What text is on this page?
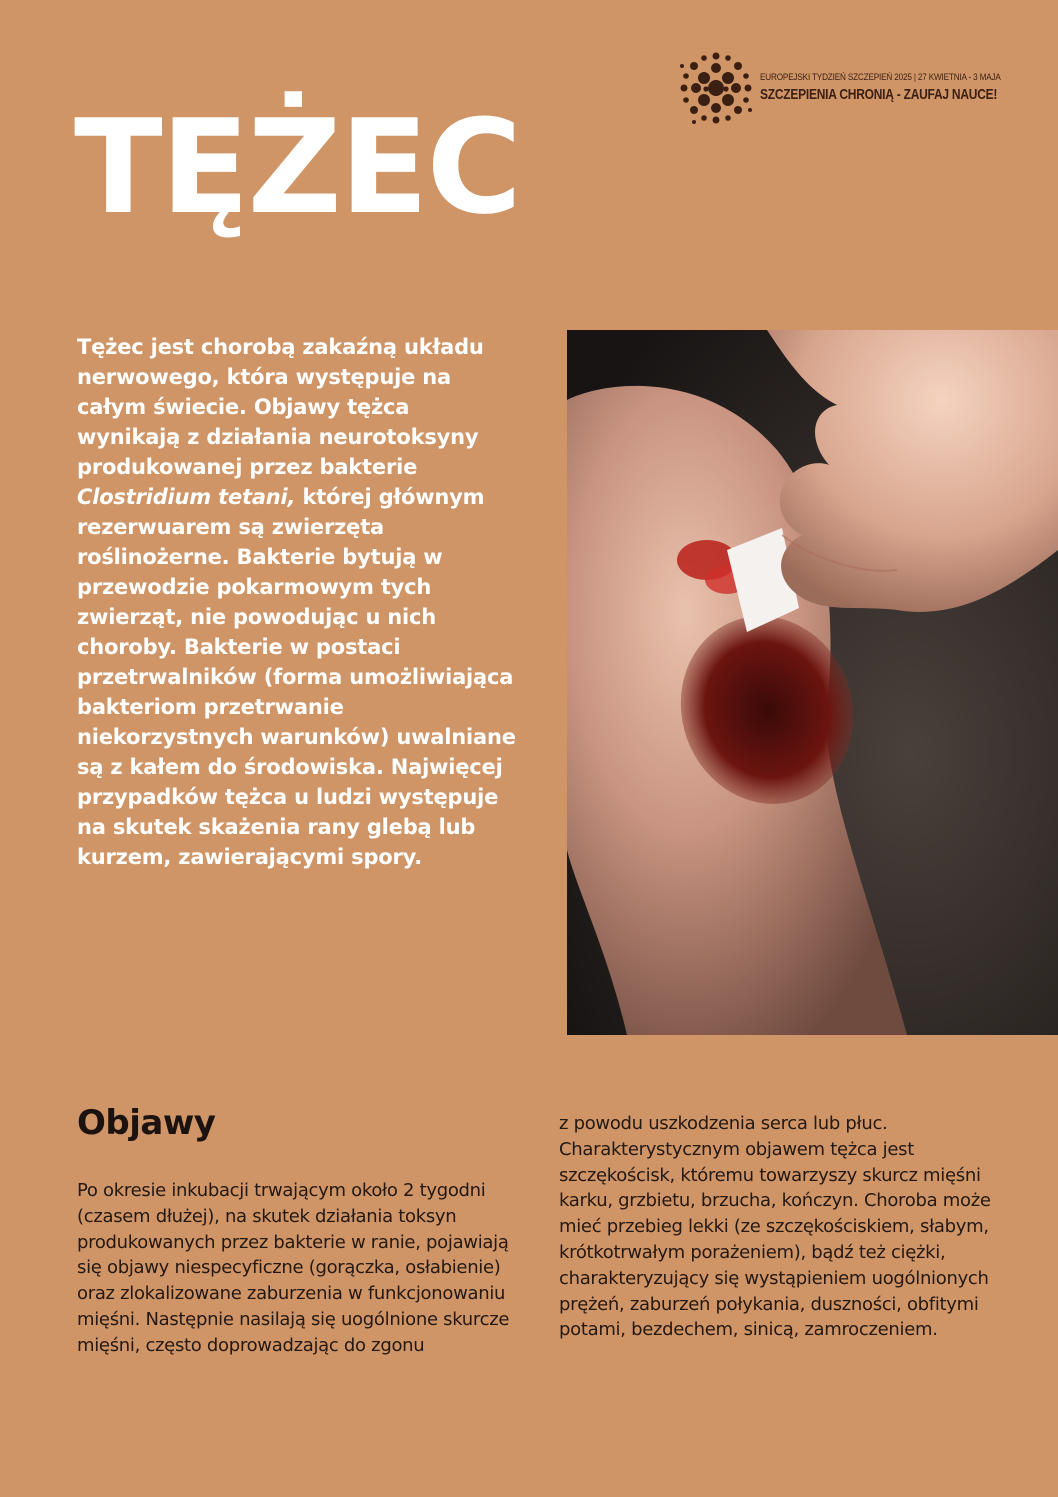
EUROPEJSKI TYDZIEŃ SZCZEPIEŃ 2025 | 27 KWIETNIA - 3 MAJA
SZCZEPIENIA CHRONIĄ - ZAUFAJ NAUCE!
TĘŻEC

Tężec jest chorobą zakaźną układu nerwowego, która występuje na całym świecie. Objawy tężca wynikają z działania neurotoksyny produkowanej przez bakterie Clostridium tetani, której głównym rezerwuarem są zwierzęta roślinożerne. Bakterie bytują w przewodzie pokarmowym tych zwierząt, nie powodując u nich choroby. Bakterie w postaci przetrwalników (forma umożliwiająca bakteriom przetrwanie niekorzystnych warunków) uwalniane są z kałem do środowiska. Najwięcej przypadków tężca u ludzi występuje na skutek skażenia rany glebą lub kurzem, zawierającymi spory.

Objawy

Po okresie inkubacji trwającym około 2 tygodni (czasem dłużej), na skutek działania toksyn produkowanych przez bakterie w ranie, pojawiają się objawy niespecyficzne (gorączka, osłabienie) oraz zlokalizowane zaburzenia w funkcjonowaniu mięśni. Następnie nasilają się uogólnione skurcze mięśni, często doprowadzając do zgonu

z powodu uszkodzenia serca lub płuc. Charakterystycznym objawem tężca jest szczękościsk, któremu towarzyszy skurcz mięśni karku, grzbietu, brzucha, kończyn. Choroba może mieć przebieg lekki (ze szczękościskiem, słabym, krótkotrwałym porażeniem), bądź też ciężki, charakteryzujący się wystąpieniem uogólnionych prężeń, zaburzeń połykania, duszności, obfitymi potami, bezdechem, sinicą, zamroczeniem.
